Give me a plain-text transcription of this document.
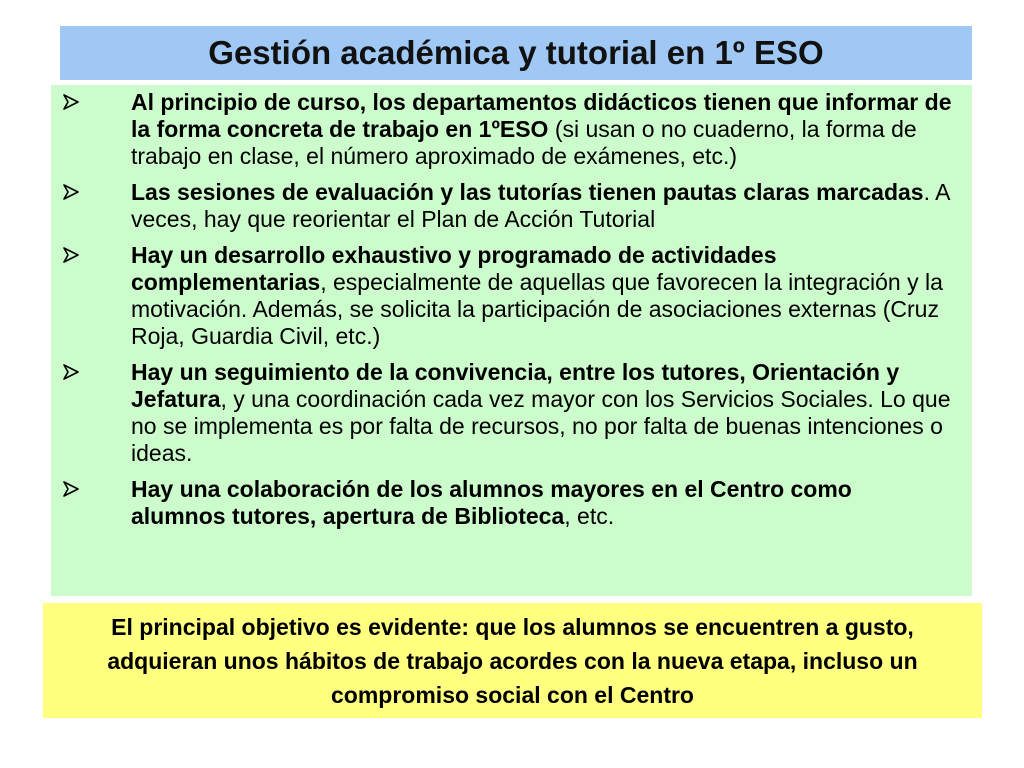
Gestión académica y tutorial en 1º ESO
Al principio de curso, los departamentos didácticos tienen que informar de la forma concreta de trabajo en 1ºESO (si usan o no cuaderno, la forma de trabajo en clase, el número aproximado de exámenes, etc.)
Las sesiones de evaluación y las tutorías tienen pautas claras marcadas. A veces, hay que reorientar el Plan de Acción Tutorial
Hay un desarrollo exhaustivo y programado de actividades complementarias, especialmente de aquellas que favorecen la integración y la motivación. Además, se solicita la participación de asociaciones externas (Cruz Roja, Guardia Civil, etc.)
Hay un seguimiento de la convivencia, entre los tutores, Orientación y Jefatura, y una coordinación cada vez mayor con los Servicios Sociales. Lo que no se implementa es por falta de recursos, no por falta de buenas intenciones o ideas.
Hay una colaboración de los alumnos mayores en el Centro como alumnos tutores, apertura de Biblioteca, etc.
El principal objetivo es evidente: que los alumnos se encuentren a gusto, adquieran unos hábitos de trabajo acordes con la nueva etapa, incluso un compromiso social con el Centro
